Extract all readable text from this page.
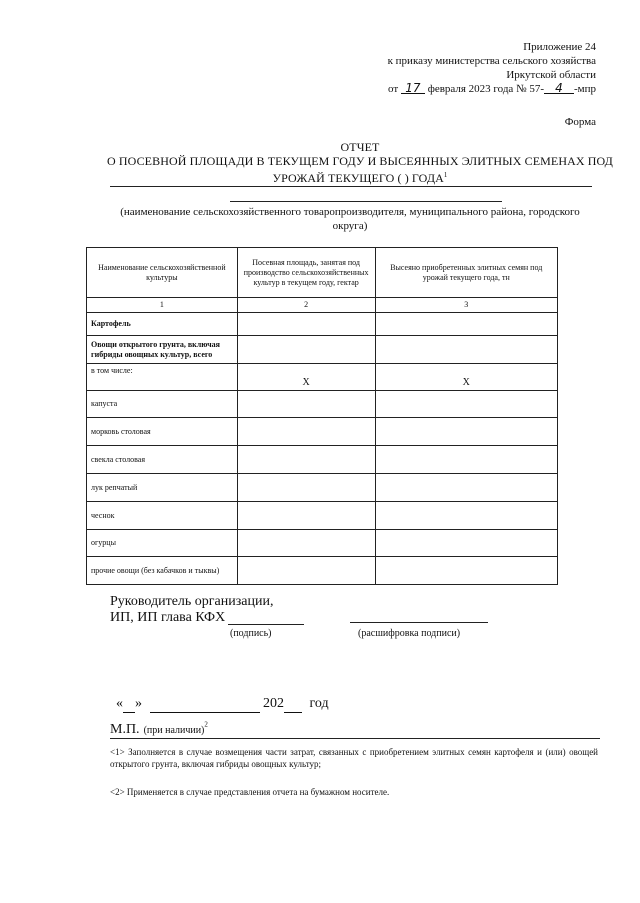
Приложение 24
к приказу министерства сельского хозяйства
Иркутской области
от 17 февраля 2023 года № 57- 4 -мпр
Форма
ОТЧЕТ
О ПОСЕВНОЙ ПЛОЩАДИ В ТЕКУЩЕМ ГОДУ И ВЫСЕЯННЫХ ЭЛИТНЫХ СЕМЕНАХ ПОД
УРОЖАЙ ТЕКУЩЕГО ( ) ГОДА$^1$
(наименование сельскохозяйственного товаропроизводителя, муниципального района, городского
округа)
Наименование сельскохозяйственной культуры	Посевная площадь, занятая под производство сельскохозяйственных культур в текущем году, гектар	Высеяно приобретенных элитных семян под урожай текущего года, тн
1	2	3
Картофель		
Овощи открытого грунта, включая гибриды овощных культур, всего		
в том числе:	X	X
капуста		
морковь столовая		
свекла столовая		
лук репчатый		
чеснок		
огурцы		
прочие овощи (без кабачков и тыквы)		
Руководитель организации,
ИП, ИП глава КФХ
(подпись)	(расшифровка подписи)
« »	202 год
М.П. (при наличии)$^2$
<1> Заполняется в случае возмещения части затрат, связанных с приобретением элитных семян картофеля и (или) овощей открытого грунта, включая гибриды овощных культур;
<2> Применяется в случае представления отчета на бумажном носителе.
